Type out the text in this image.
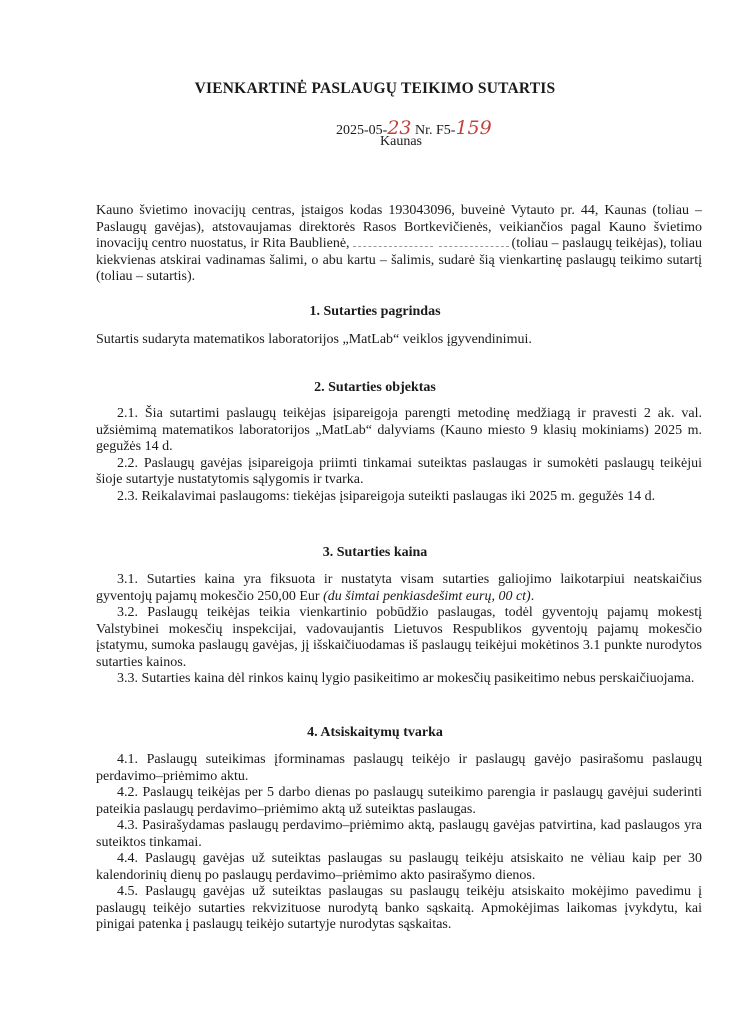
VIENKARTINĖ PASLAUGŲ TEIKIMO SUTARTIS
2025-05-23 Nr. F5-159
Kaunas

Kauno švietimo inovacijų centras, įstaigos kodas 193043096, buveinė Vytauto pr. 44, Kaunas (toliau – Paslaugų gavėjas), atstovaujamas direktorės Rasos Bortkevičienės, veikiančios pagal Kauno švietimo inovacijų centro nuostatus, ir Rita Baublienė,	(toliau – paslaugų teikėjas), toliau kiekvienas atskirai vadinamas šalimi, o abu kartu – šalimis, sudarė šią vienkartinę paslaugų teikimo sutartį (toliau – sutartis).

1. Sutarties pagrindas
Sutartis sudaryta matematikos laboratorijos „MatLab“ veiklos įgyvendinimui.
2. Sutarties objektas

2.1. Šia sutartimi paslaugų teikėjas įsipareigoja parengti metodinę medžiagą ir pravesti 2 ak. val. užsiėmimą matematikos laboratorijos „MatLab“ dalyviams (Kauno miesto 9 klasių mokiniams) 2025 m. gegužės 14 d.

2.2. Paslaugų gavėjas įsipareigoja priimti tinkamai suteiktas paslaugas ir sumokėti paslaugų teikėjui šioje sutartyje nustatytomis sąlygomis ir tvarka.

2.3. Reikalavimai paslaugoms: tiekėjas įsipareigoja suteikti paslaugas iki 2025 m. gegužės 14 d.

3. Sutarties kaina

3.1. Sutarties kaina yra fiksuota ir nustatyta visam sutarties galiojimo laikotarpiui neatskaičius gyventojų pajamų mokesčio 250,00 Eur (du šimtai penkiasdešimt eurų, 00 ct).

3.2. Paslaugų teikėjas teikia vienkartinio pobūdžio paslaugas, todėl gyventojų pajamų mokestį Valstybinei mokesčių inspekcijai, vadovaujantis Lietuvos Respublikos gyventojų pajamų mokesčio įstatymu, sumoka paslaugų gavėjas, jį išskaičiuodamas iš paslaugų teikėjui mokėtinos 3.1 punkte nurodytos sutarties kainos.

3.3. Sutarties kaina dėl rinkos kainų lygio pasikeitimo ar mokesčių pasikeitimo nebus perskaičiuojama.

4. Atsiskaitymų tvarka

4.1. Paslaugų suteikimas įforminamas paslaugų teikėjo ir paslaugų gavėjo pasirašomu paslaugų perdavimo–priėmimo aktu.

4.2. Paslaugų teikėjas per 5 darbo dienas po paslaugų suteikimo parengia ir paslaugų gavėjui suderinti pateikia paslaugų perdavimo–priėmimo aktą už suteiktas paslaugas.

4.3. Pasirašydamas paslaugų perdavimo–priėmimo aktą, paslaugų gavėjas patvirtina, kad paslaugos yra suteiktos tinkamai.

4.4. Paslaugų gavėjas už suteiktas paslaugas su paslaugų teikėju atsiskaito ne vėliau kaip per 30 kalendorinių dienų po paslaugų perdavimo–priėmimo akto pasirašymo dienos.

4.5. Paslaugų gavėjas už suteiktas paslaugas su paslaugų teikėju atsiskaito mokėjimo pavedimu į paslaugų teikėjo sutarties rekvizituose nurodytą banko sąskaitą. Apmokėjimas laikomas įvykdytu, kai pinigai patenka į paslaugų teikėjo sutartyje nurodytas sąskaitas.
